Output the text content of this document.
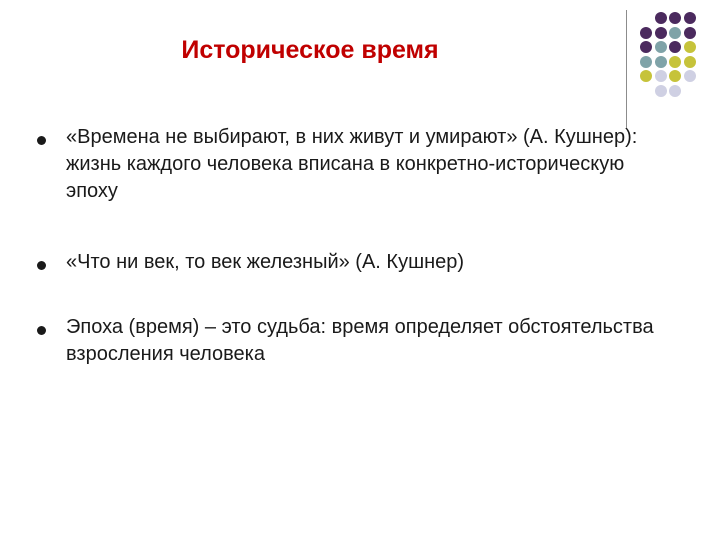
Историческое время
«Времена не выбирают, в них живут и умирают» (А. Кушнер): жизнь каждого человека вписана в конкретно-историческую эпоху
«Что ни век, то век железный» (А. Кушнер)
Эпоха (время) – это судьба: время определяет обстоятельства взросления человека
